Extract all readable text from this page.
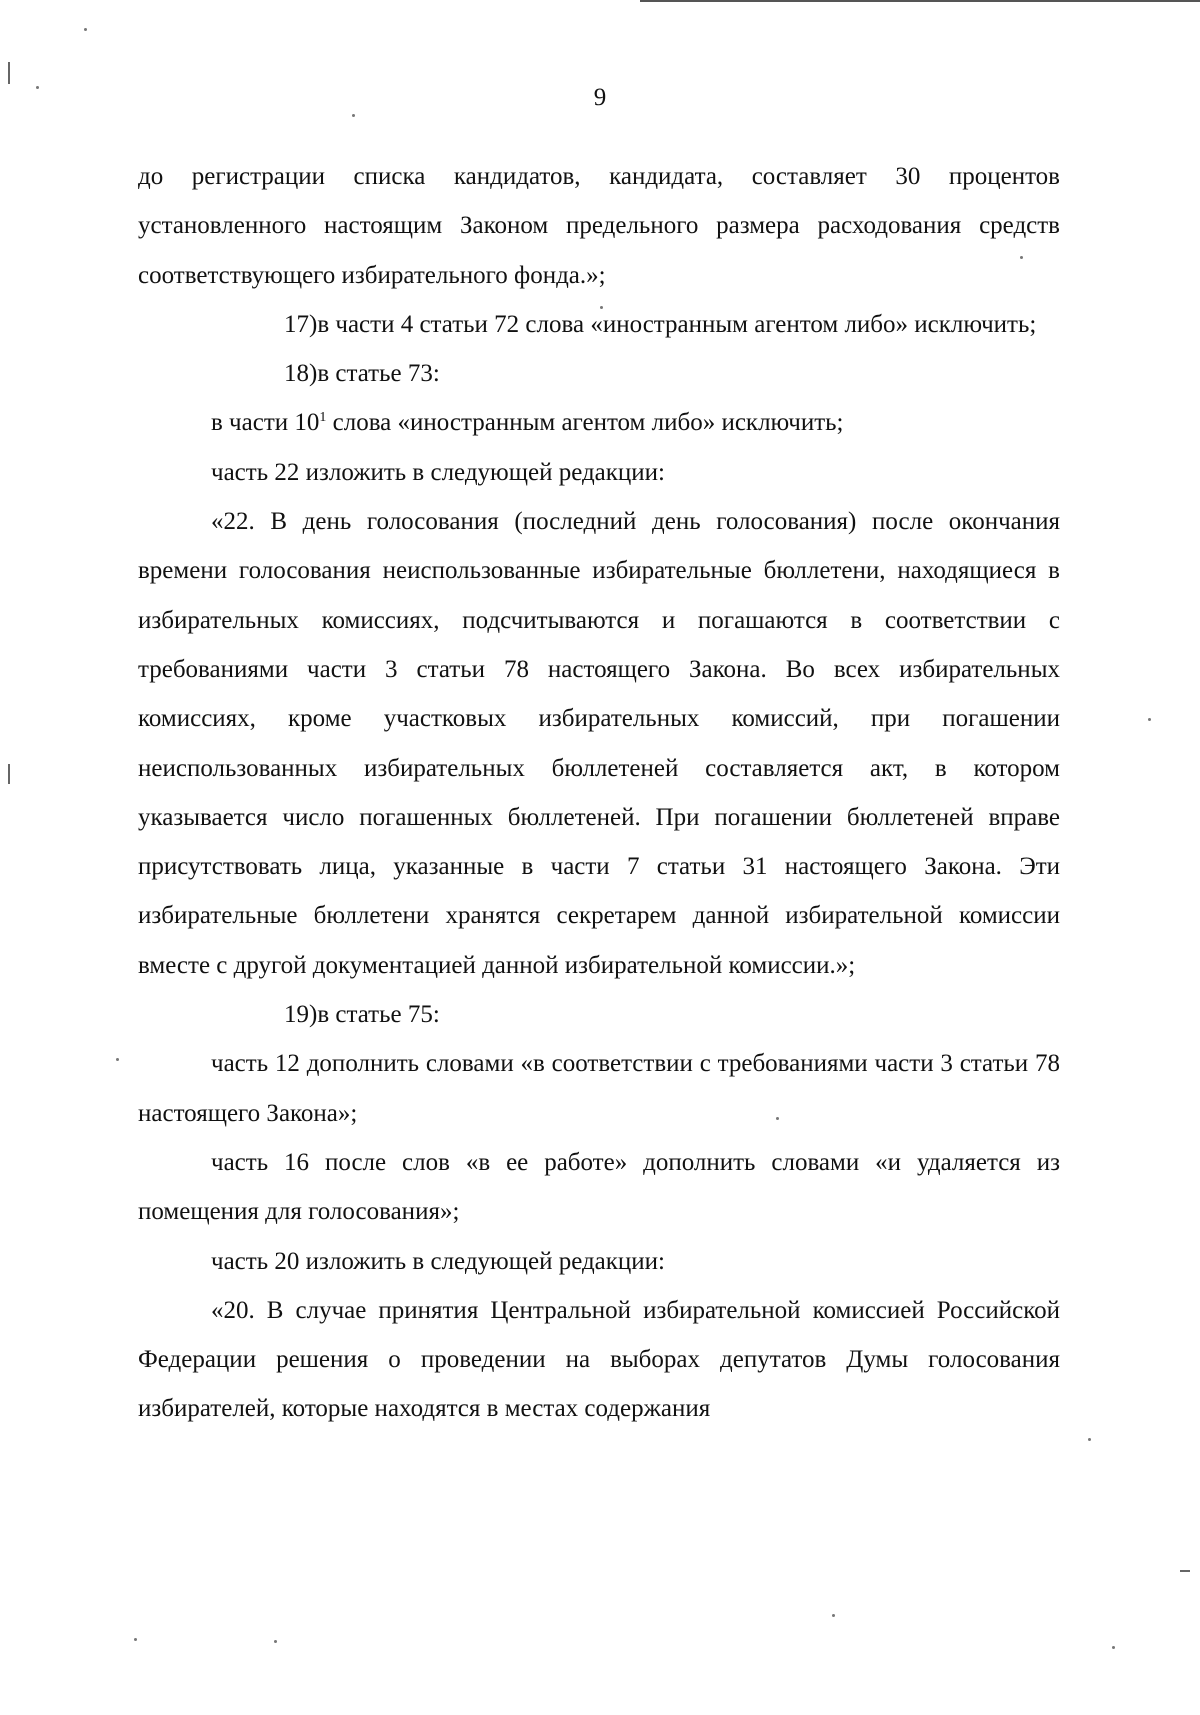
9

до регистрации списка кандидатов, кандидата, составляет 30 процентов установленного настоящим Законом предельного размера расходования средств соответствующего избирательного фонда.»;

17)в части 4 статьи 72 слова «иностранным агентом либо» исключить;

18)в статье 73:

в части $10^1$ слова «иностранным агентом либо» исключить;

часть 22 изложить в следующей редакции:

«22. В день голосования (последний день голосования) после окончания времени голосования неиспользованные избирательные бюллетени, находящиеся в избирательных комиссиях, подсчитываются и погашаются в соответствии с требованиями части 3 статьи 78 настоящего Закона. Во всех избирательных комиссиях, кроме участковых избирательных комиссий, при погашении неиспользованных избирательных бюллетеней составляется акт, в котором указывается число погашенных бюллетеней. При погашении бюллетеней вправе присутствовать лица, указанные в части 7 статьи 31 настоящего Закона. Эти избирательные бюллетени хранятся секретарем данной избирательной комиссии вместе с другой документацией данной избирательной комиссии.»;

19)в статье 75:

часть 12 дополнить словами «в соответствии с требованиями части 3 статьи 78 настоящего Закона»;

часть 16 после слов «в ее работе» дополнить словами «и удаляется из помещения для голосования»;

часть 20 изложить в следующей редакции:

«20. В случае принятия Центральной избирательной комиссией Российской Федерации решения о проведении на выборах депутатов Думы голосования избирателей, которые находятся в местах содержания
